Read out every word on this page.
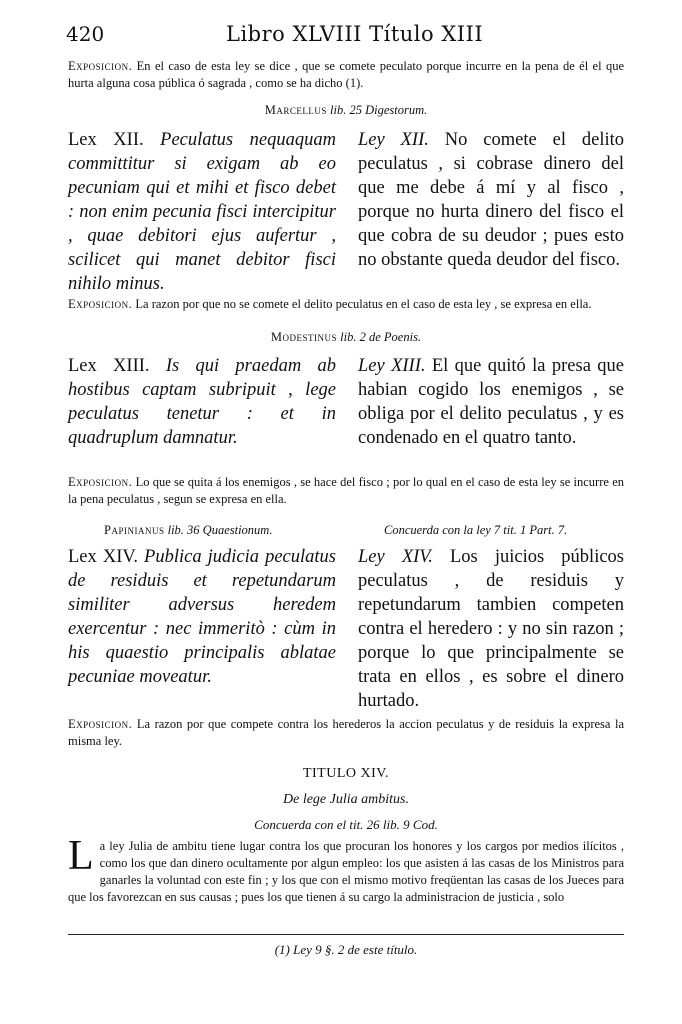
420	Libro XLVIII Título XIII
Exposicion. En el caso de esta ley se dice , que se comete peculato porque incurre en la pena de él el que hurta alguna cosa pública ó sagrada , como se ha dicho (1).
Marcellus lib. 25 Digestorum.
Lex XII. Peculatus nequaquam committitur si exigam ab eo pecuniam qui et mihi et fisco debet : non enim pecunia fisci intercipitur , quae debitori ejus aufertur , scilicet qui manet debitor fisci nihilo minus.
Ley XII. No comete el delito peculatus , si cobrase dinero del que me debe á mí y al fisco , porque no hurta dinero del fisco el que cobra de su deudor ; pues esto no obstante queda deudor del fisco.
Exposicion. La razon por que no se comete el delito peculatus en el caso de esta ley , se expresa en ella.
Modestinus lib. 2 de Poenis.
Lex XIII. Is qui praedam ab hostibus captam subripuit , lege peculatus tenetur : et in quadruplum damnatur.
Ley XIII. El que quitó la presa que habian cogido los enemigos , se obliga por el delito peculatus , y es condenado en el quatro tanto.
Exposicion. Lo que se quita á los enemigos , se hace del fisco ; por lo qual en el caso de esta ley se incurre en la pena peculatus , segun se expresa en ella.
Papinianus lib. 36 Quaestionum.	Concuerda con la ley 7 tit. 1 Part. 7.
Lex XIV. Publica judicia peculatus de residuis et repetundarum similiter adversus heredem exercentur : nec immeritò : cùm in his quaestio principalis ablatae pecuniae moveatur.
Ley XIV. Los juicios públicos peculatus , de residuis y repetundarum tambien competen contra el heredero : y no sin razon ; porque lo que principalmente se trata en ellos , es sobre el dinero hurtado.
Exposicion. La razon por que compete contra los herederos la accion peculatus y de residuis la expresa la misma ley.
TITULO XIV.
De lege Julia ambitus.
Concuerda con el tit. 26 lib. 9 Cod.
L a ley Julia de ambitu tiene lugar contra los que procuran los honores y los cargos por medios ilícitos , como los que dan dinero ocultamente por algun empleo: los que asisten á las casas de los Ministros para ganarles la voluntad con este fin ; y los que con el mismo motivo freqüentan las casas de los Jueces para que los favorezcan en sus causas ; pues los que tienen á su cargo la administracion de justicia , solo
(1) Ley 9 §. 2 de este título.
